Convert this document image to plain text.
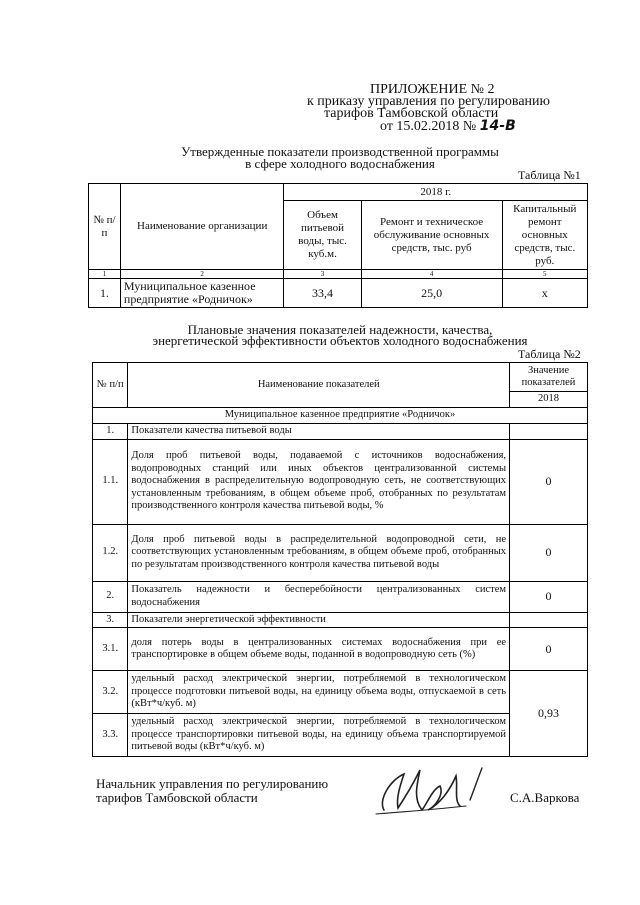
ПРИЛОЖЕНИЕ № 2
к приказу управления по регулированию
тарифов Тамбовской области
от 15.02.2018 № 14-В
Утвержденные показатели производственной программы
в сфере холодного водоснабжения
Таблица №1
№ п/п	Наименование организации	2018 г.		
		Объем питьевой воды, тыс. куб.м.	Ремонт и техническое обслуживание основных средств, тыс. руб	Капитальный ремонт основных средств, тыс. руб.
1	2	3	4	5
1.	Муниципальное казенное предприятие «Родничок»	33,4	25,0	х
Плановые значения показателей надежности, качества,
энергетической эффективности объектов холодного водоснабжения
Таблица №2
№ п/п	Наименование показателей	Значение показателей
		2018
Муниципальное казенное предприятие «Родничок»		
1.	Показатели качества питьевой воды	
1.1.	Доля проб питьевой воды, подаваемой с источников водоснабжения, водопроводных станций или иных объектов централизованной системы водоснабжения в распределительную водопроводную сеть, не соответствующих установленным требованиям, в общем объеме проб, отобранных по результатам производственного контроля качества питьевой воды, %	0
1.2.	Доля проб питьевой воды в распределительной водопроводной сети, не соответствующих установленным требованиям, в общем объеме проб, отобранных по результатам производственного контроля качества питьевой воды	0
2.	Показатель надежности и бесперебойности централизованных систем водоснабжения	0
3.	Показатели энергетической эффективности	
3.1.	доля потерь воды в централизованных системах водоснабжения при ее транспортировке в общем объеме воды, поданной в водопроводную сеть (%)	0
3.2.	удельный расход электрической энергии, потребляемой в технологическом процессе подготовки питьевой воды, на единицу объема воды, отпускаемой в сеть (кВт*ч/куб. м)	0,93
3.3.	удельный расход электрической энергии, потребляемой в технологическом процессе транспортировки питьевой воды, на единицу объема транспортируемой питьевой воды (кВт*ч/куб. м)	
Начальник управления по регулированию
тарифов Тамбовской области	С.А.Варкова
